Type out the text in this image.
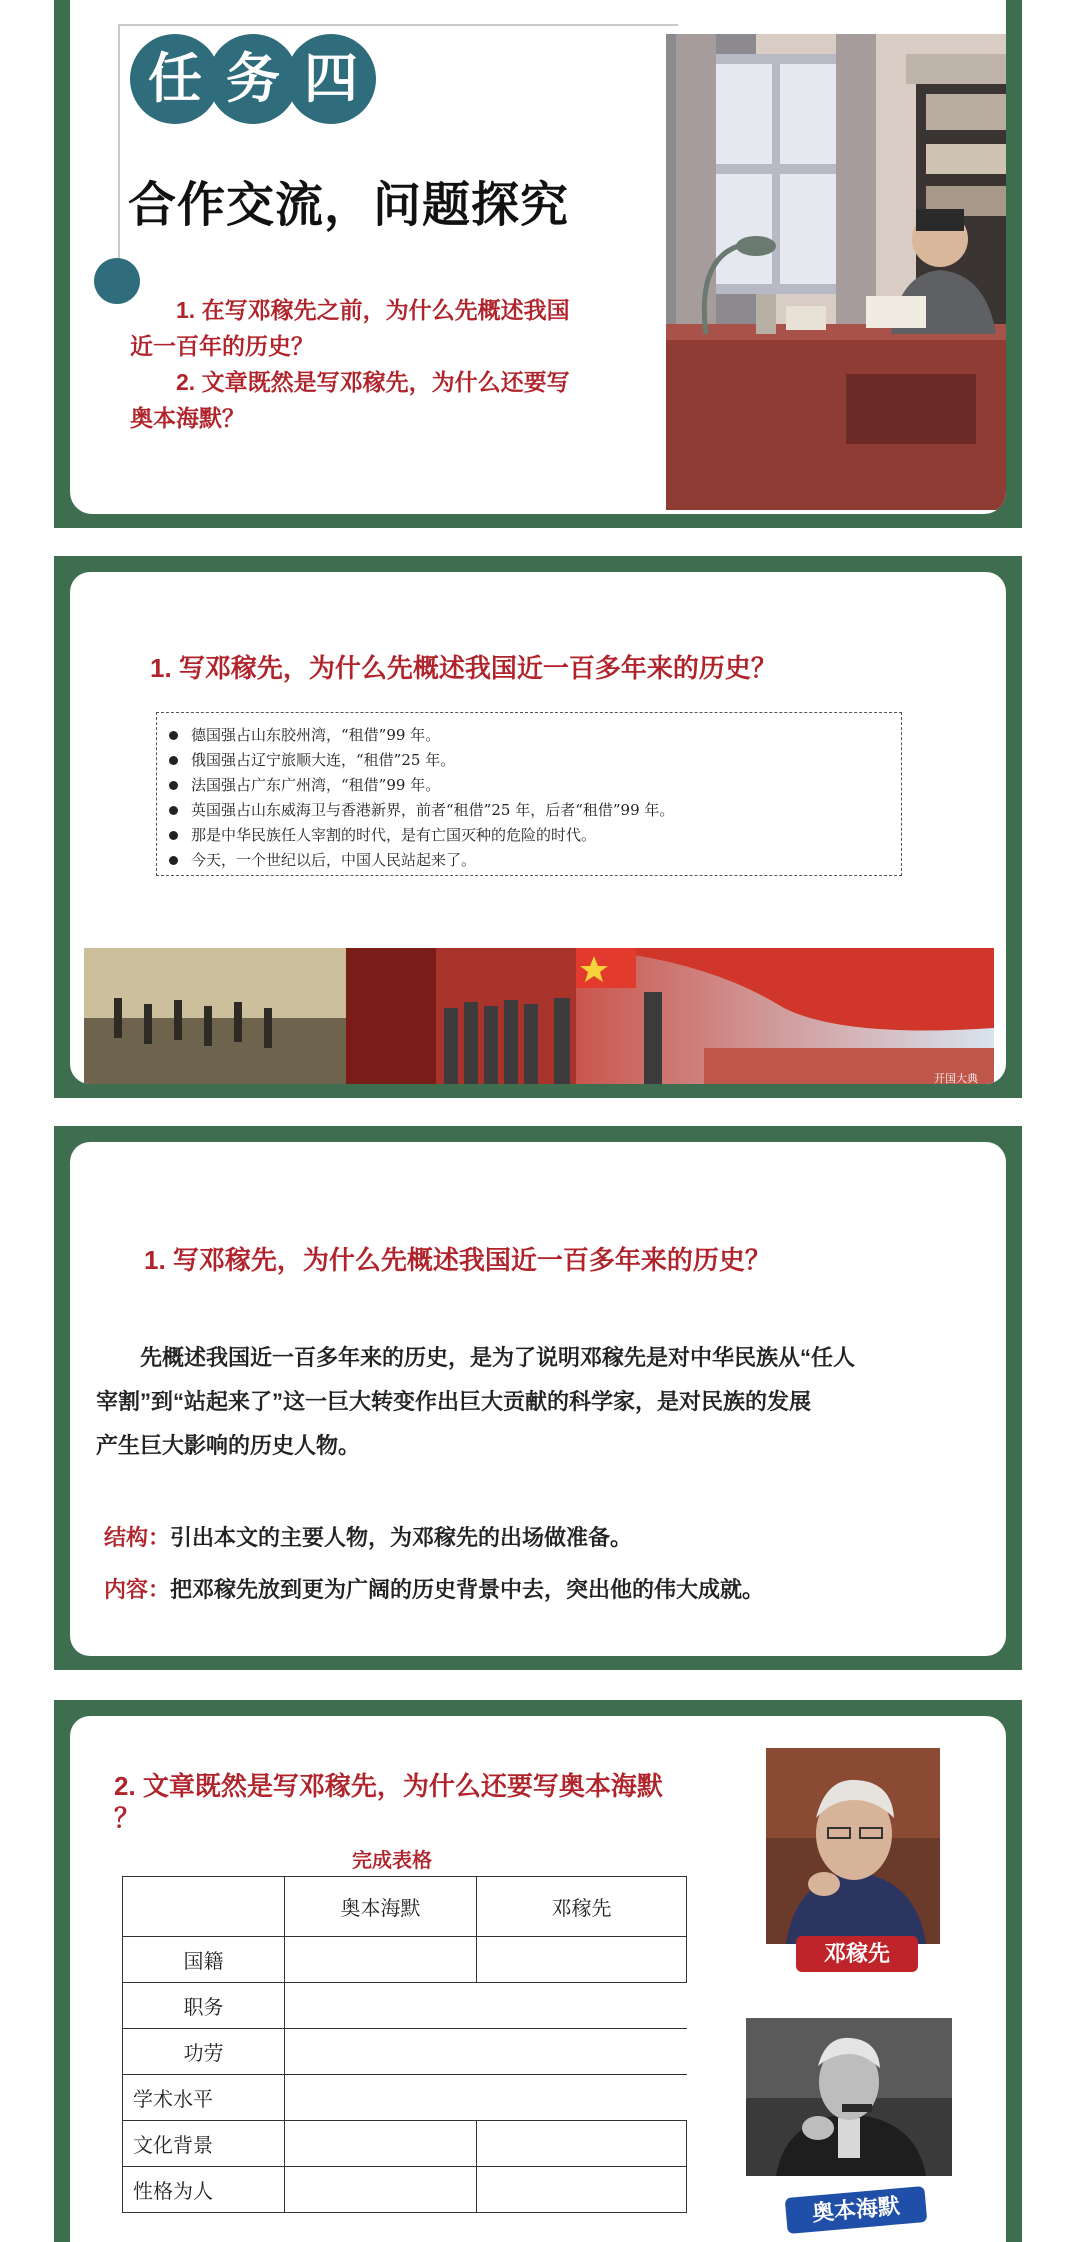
任 务 四
合作交流，问题探究
1. 在写邓稼先之前，为什么先概述我国
近一百年的历史？
2. 文章既然是写邓稼先，为什么还要写
奥本海默？
1. 写邓稼先，为什么先概述我国近一百多年来的历史？
德国强占山东胶州湾，“租借”99 年。
俄国强占辽宁旅顺大连，“租借”25 年。
法国强占广东广州湾，“租借”99 年。
英国强占山东威海卫与香港新界，前者“租借”25 年，后者“租借”99 年。
那是中华民族任人宰割的时代，是有亡国灭种的危险的时代。
今天，一个世纪以后，中国人民站起来了。
开国大典
1. 写邓稼先，为什么先概述我国近一百多年来的历史？
先概述我国近一百多年来的历史，是为了说明邓稼先是对中华民族从“任人
宰割”到“站起来了”这一巨大转变作出巨大贡献的科学家，是对民族的发展
产生巨大影响的历史人物。
结构：引出本文的主要人物，为邓稼先的出场做准备。
内容：把邓稼先放到更为广阔的历史背景中去，突出他的伟大成就。
2. 文章既然是写邓稼先，为什么还要写奥本海默
？
完成表格
	奥本海默	邓稼先
国籍		
职务		
功劳		
学术水平		
文化背景		
性格为人		
邓稼先
奥本海默
